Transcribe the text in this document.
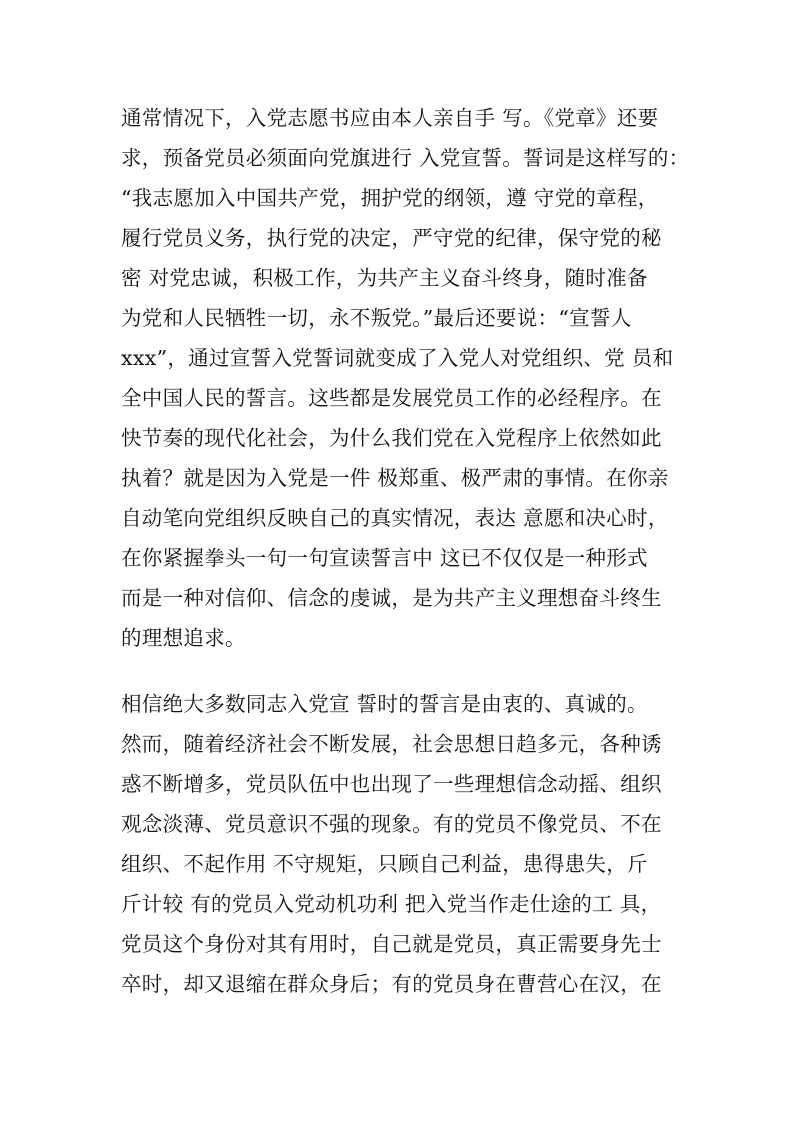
通常情况下，入党志愿书应由本人亲自手 写。《党章》还要
求，预备党员必须面向党旗进行 入党宣誓。誓词是这样写的：
“我志愿加入中国共产党，拥护党的纲领，遵 守党的章程，
履行党员义务，执行党的决定，严守党的纪律，保守党的秘
密 对党忠诚，积极工作，为共产主义奋斗终身，随时准备
为党和人民牺牲一切，永不叛党。”最后还要说：“宣誓人
xxx”，通过宣誓入党誓词就变成了入党人对党组织、党 员和
全中国人民的誓言。这些都是发展党员工作的必经程序。在
快节奏的现代化社会，为什么我们党在入党程序上依然如此
执着？就是因为入党是一件 极郑重、极严肃的事情。在你亲
自动笔向党组织反映自己的真实情况，表达 意愿和决心时，
在你紧握拳头一句一句宣读誓言中 这已不仅仅是一种形式
而是一种对信仰、信念的虔诚，是为共产主义理想奋斗终生
的理想追求。
相信绝大多数同志入党宣 誓时的誓言是由衷的、真诚的。
然而，随着经济社会不断发展，社会思想日趋多元，各种诱
惑不断增多，党员队伍中也出现了一些理想信念动摇、组织
观念淡薄、党员意识不强的现象。有的党员不像党员、不在
组织、不起作用 不守规矩，只顾自己利益，患得患失，斤
斤计较 有的党员入党动机功利 把入党当作走仕途的工 具，
党员这个身份对其有用时，自己就是党员，真正需要身先士
卒时，却又退缩在群众身后；有的党员身在曹营心在汉，在
